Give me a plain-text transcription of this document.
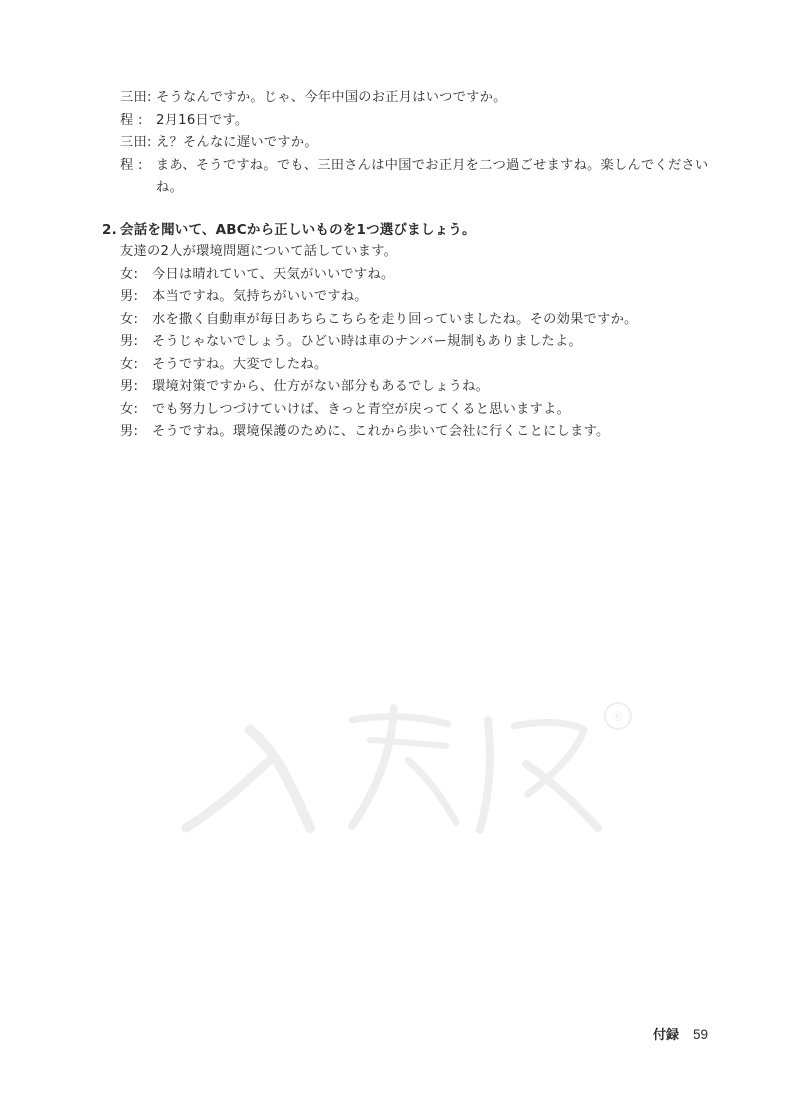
三田: そうなんですか。じゃ、今年中国のお正月はいつですか。
程 :	2月16日です。
三田: え？そんなに遅いですか。
程 :	まあ、そうですね。でも、三田さんは中国でお正月を二つ過ごせますね。楽しんでください ね。
2. 会話を聞いて、ABCから正しいものを1つ選びましょう。
友達の2人が環境問題について話しています。
女:	今日は晴れていて、天気がいいですね。
男:	本当ですね。気持ちがいいですね。
女:	水を撒く自動車が毎日あちらこちらを走り回っていましたね。その効果ですか。
男:	そうじゃないでしょう。ひどい時は車のナンバー規制もありましたよ。
女:	そうですね。大変でしたね。
男:	環境対策ですから、仕方がない部分もあるでしょうね。
女:	でも努力しつづけていけば、きっと青空が戻ってくると思いますよ。
男:	そうですね。環境保護のために、これから歩いて会社に行くことにします。
®
付録 59
